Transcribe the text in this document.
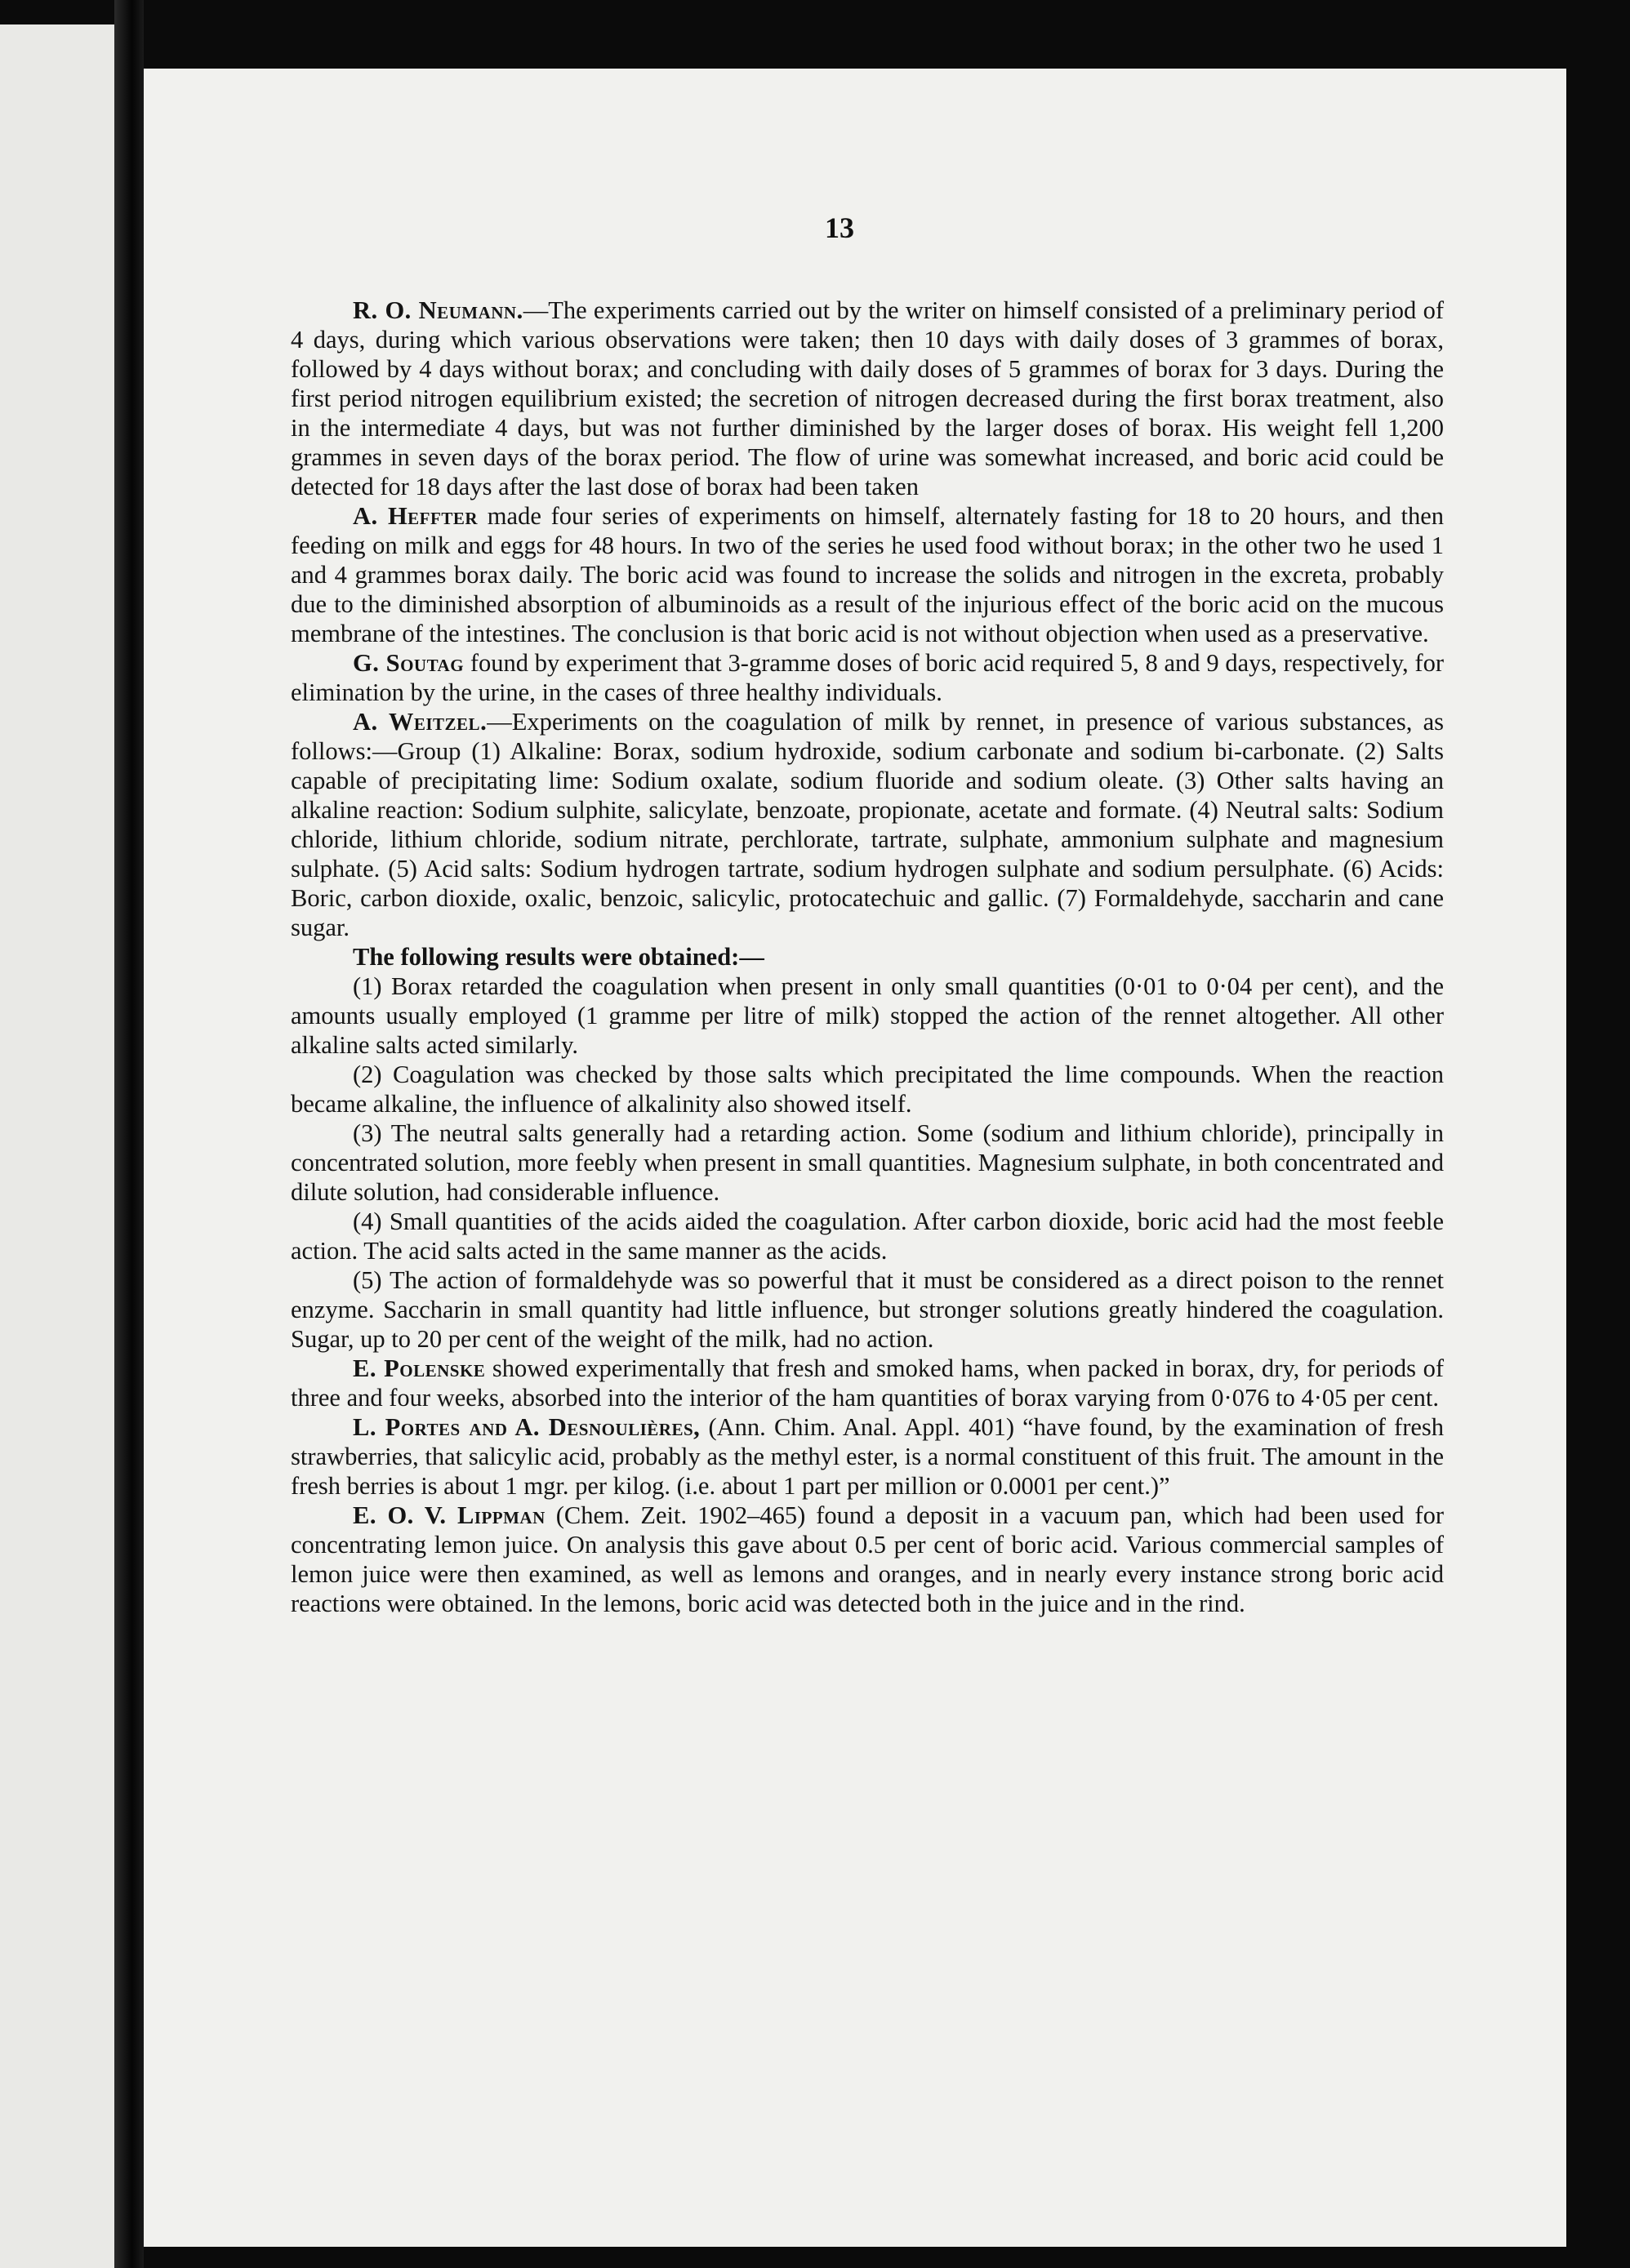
13

R. O. Neumann.—The experiments carried out by the writer on himself consisted of a preliminary period of 4 days, during which various observations were taken; then 10 days with daily doses of 3 grammes of borax, followed by 4 days without borax; and concluding with daily doses of 5 grammes of borax for 3 days. During the first period nitrogen equilibrium existed; the secretion of nitrogen decreased during the first borax treatment, also in the intermediate 4 days, but was not further diminished by the larger doses of borax. His weight fell 1,200 grammes in seven days of the borax period. The flow of urine was somewhat increased, and boric acid could be detected for 18 days after the last dose of borax had been taken

A. Heffter made four series of experiments on himself, alternately fasting for 18 to 20 hours, and then feeding on milk and eggs for 48 hours. In two of the series he used food without borax; in the other two he used 1 and 4 grammes borax daily. The boric acid was found to increase the solids and nitrogen in the excreta, probably due to the diminished absorption of albuminoids as a result of the injurious effect of the boric acid on the mucous membrane of the intestines. The conclusion is that boric acid is not without objection when used as a preservative.

G. Soutag found by experiment that 3-gramme doses of boric acid required 5, 8 and 9 days, respectively, for elimination by the urine, in the cases of three healthy individuals.

A. Weitzel.—Experiments on the coagulation of milk by rennet, in presence of various substances, as follows:—Group (1) Alkaline: Borax, sodium hydroxide, sodium carbonate and sodium bi-carbonate. (2) Salts capable of precipitating lime: Sodium oxalate, sodium fluoride and sodium oleate. (3) Other salts having an alkaline reaction: Sodium sulphite, salicylate, benzoate, propionate, acetate and formate. (4) Neutral salts: Sodium chloride, lithium chloride, sodium nitrate, perchlorate, tartrate, sulphate, ammonium sulphate and magnesium sulphate. (5) Acid salts: Sodium hydrogen tartrate, sodium hydrogen sulphate and sodium persulphate. (6) Acids: Boric, carbon dioxide, oxalic, benzoic, salicylic, protocatechuic and gallic. (7) Formaldehyde, saccharin and cane sugar.

The following results were obtained:—

(1) Borax retarded the coagulation when present in only small quantities (0·01 to 0·04 per cent), and the amounts usually employed (1 gramme per litre of milk) stopped the action of the rennet altogether. All other alkaline salts acted similarly.

(2) Coagulation was checked by those salts which precipitated the lime compounds. When the reaction became alkaline, the influence of alkalinity also showed itself.

(3) The neutral salts generally had a retarding action. Some (sodium and lithium chloride), principally in concentrated solution, more feebly when present in small quantities. Magnesium sulphate, in both concentrated and dilute solution, had considerable influence.

(4) Small quantities of the acids aided the coagulation. After carbon dioxide, boric acid had the most feeble action. The acid salts acted in the same manner as the acids.

(5) The action of formaldehyde was so powerful that it must be considered as a direct poison to the rennet enzyme. Saccharin in small quantity had little influence, but stronger solutions greatly hindered the coagulation. Sugar, up to 20 per cent of the weight of the milk, had no action.

E. Polenske showed experimentally that fresh and smoked hams, when packed in borax, dry, for periods of three and four weeks, absorbed into the interior of the ham quantities of borax varying from 0·076 to 4·05 per cent.

L. Portes and A. Desnoulières, (Ann. Chim. Anal. Appl. 401) “have found, by the examination of fresh strawberries, that salicylic acid, probably as the methyl ester, is a normal constituent of this fruit. The amount in the fresh berries is about 1 mgr. per kilog. (i.e. about 1 part per million or 0.0001 per cent.)”

E. O. V. Lippman (Chem. Zeit. 1902–465) found a deposit in a vacuum pan, which had been used for concentrating lemon juice. On analysis this gave about 0.5 per cent of boric acid. Various commercial samples of lemon juice were then examined, as well as lemons and oranges, and in nearly every instance strong boric acid reactions were obtained. In the lemons, boric acid was detected both in the juice and in the rind.
